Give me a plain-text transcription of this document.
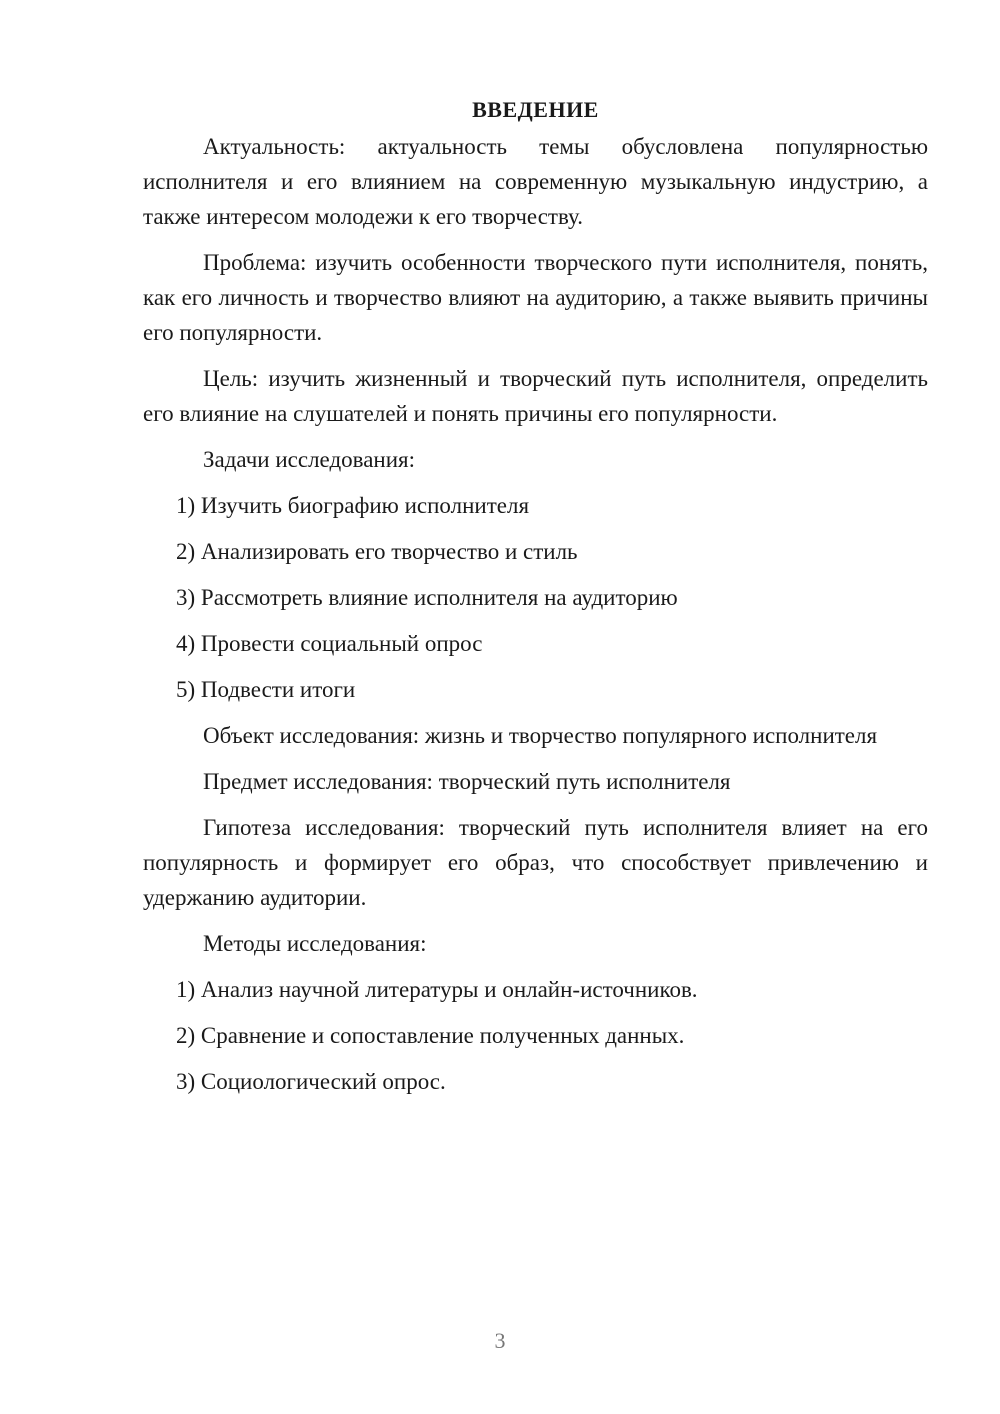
ВВЕДЕНИЕ
Актуальность: актуальность темы обусловлена популярностью исполнителя и его влиянием на современную музыкальную индустрию, а также интересом молодежи к его творчеству.
Проблема: изучить особенности творческого пути исполнителя, понять, как его личность и творчество влияют на аудиторию, а также выявить причины его популярности.
Цель: изучить жизненный и творческий путь исполнителя, определить его влияние на слушателей и понять причины его популярности.
Задачи исследования:
1) Изучить биографию исполнителя
2) Анализировать его творчество и стиль
3) Рассмотреть влияние исполнителя на аудиторию
4) Провести социальный опрос
5) Подвести итоги
Объект исследования: жизнь и творчество популярного исполнителя
Предмет исследования: творческий путь исполнителя
Гипотеза исследования: творческий путь исполнителя влияет на его популярность и формирует его образ, что способствует привлечению и удержанию аудитории.
Методы исследования:
1) Анализ научной литературы и онлайн-источников.
2) Сравнение и сопоставление полученных данных.
3) Социологический опрос.
3
